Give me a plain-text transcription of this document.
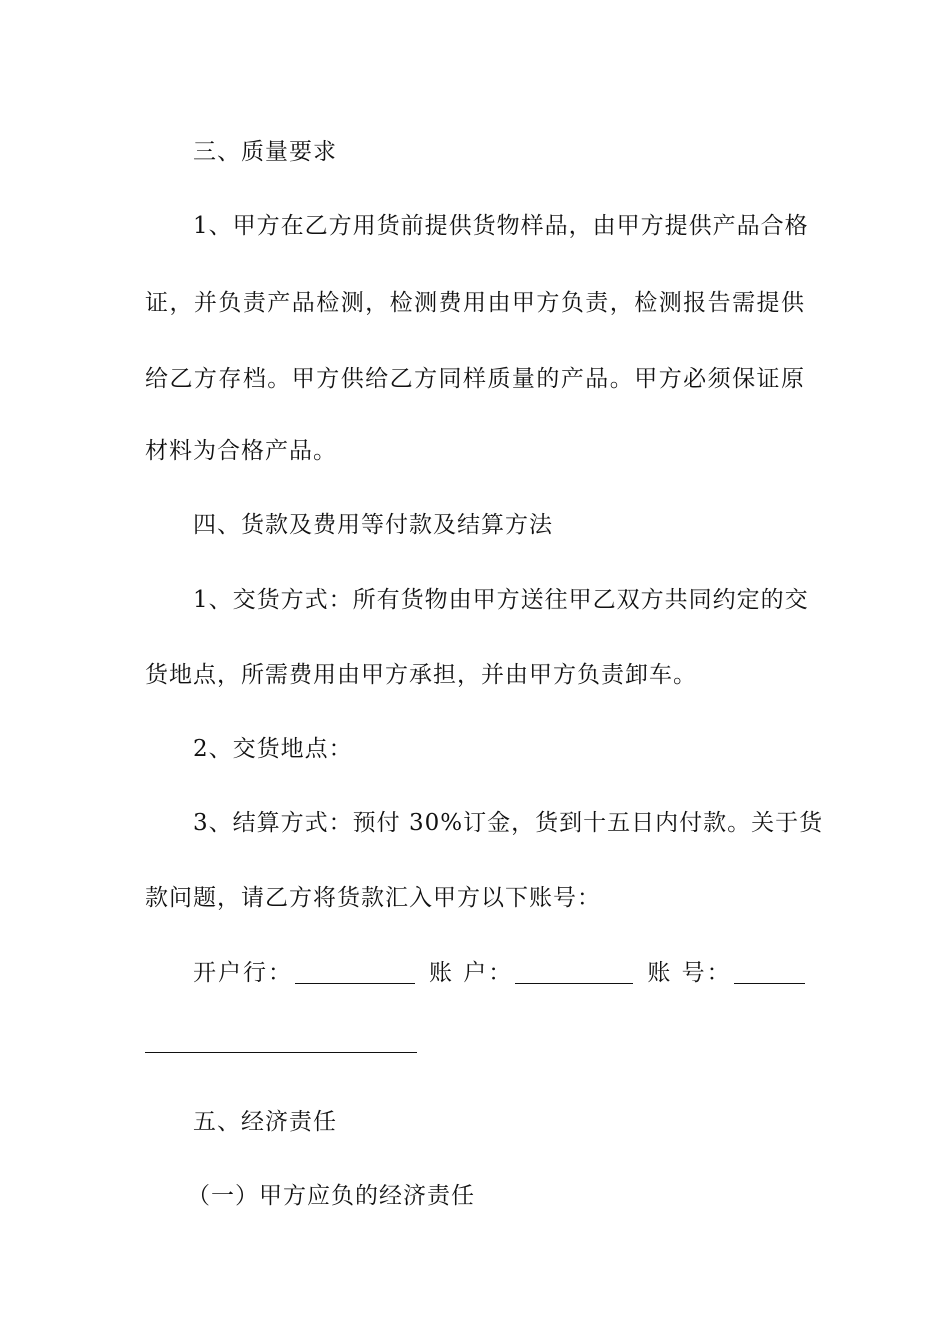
三、质量要求
1、甲方在乙方用货前提供货物样品，由甲方提供产品合格
证，并负责产品检测，检测费用由甲方负责，检测报告需提供
给乙方存档。甲方供给乙方同样质量的产品。甲方必须保证原
材料为合格产品。
四、货款及费用等付款及结算方法
1、交货方式：所有货物由甲方送往甲乙双方共同约定的交
货地点，所需费用由甲方承担，并由甲方负责卸车。
2、交货地点：
3、结算方式：预付 30%订金，货到十五日内付款。关于货
款问题，请乙方将货款汇入甲方以下账号：
开户行：	账 户：	账 号：
五、经济责任
（一）甲方应负的经济责任
